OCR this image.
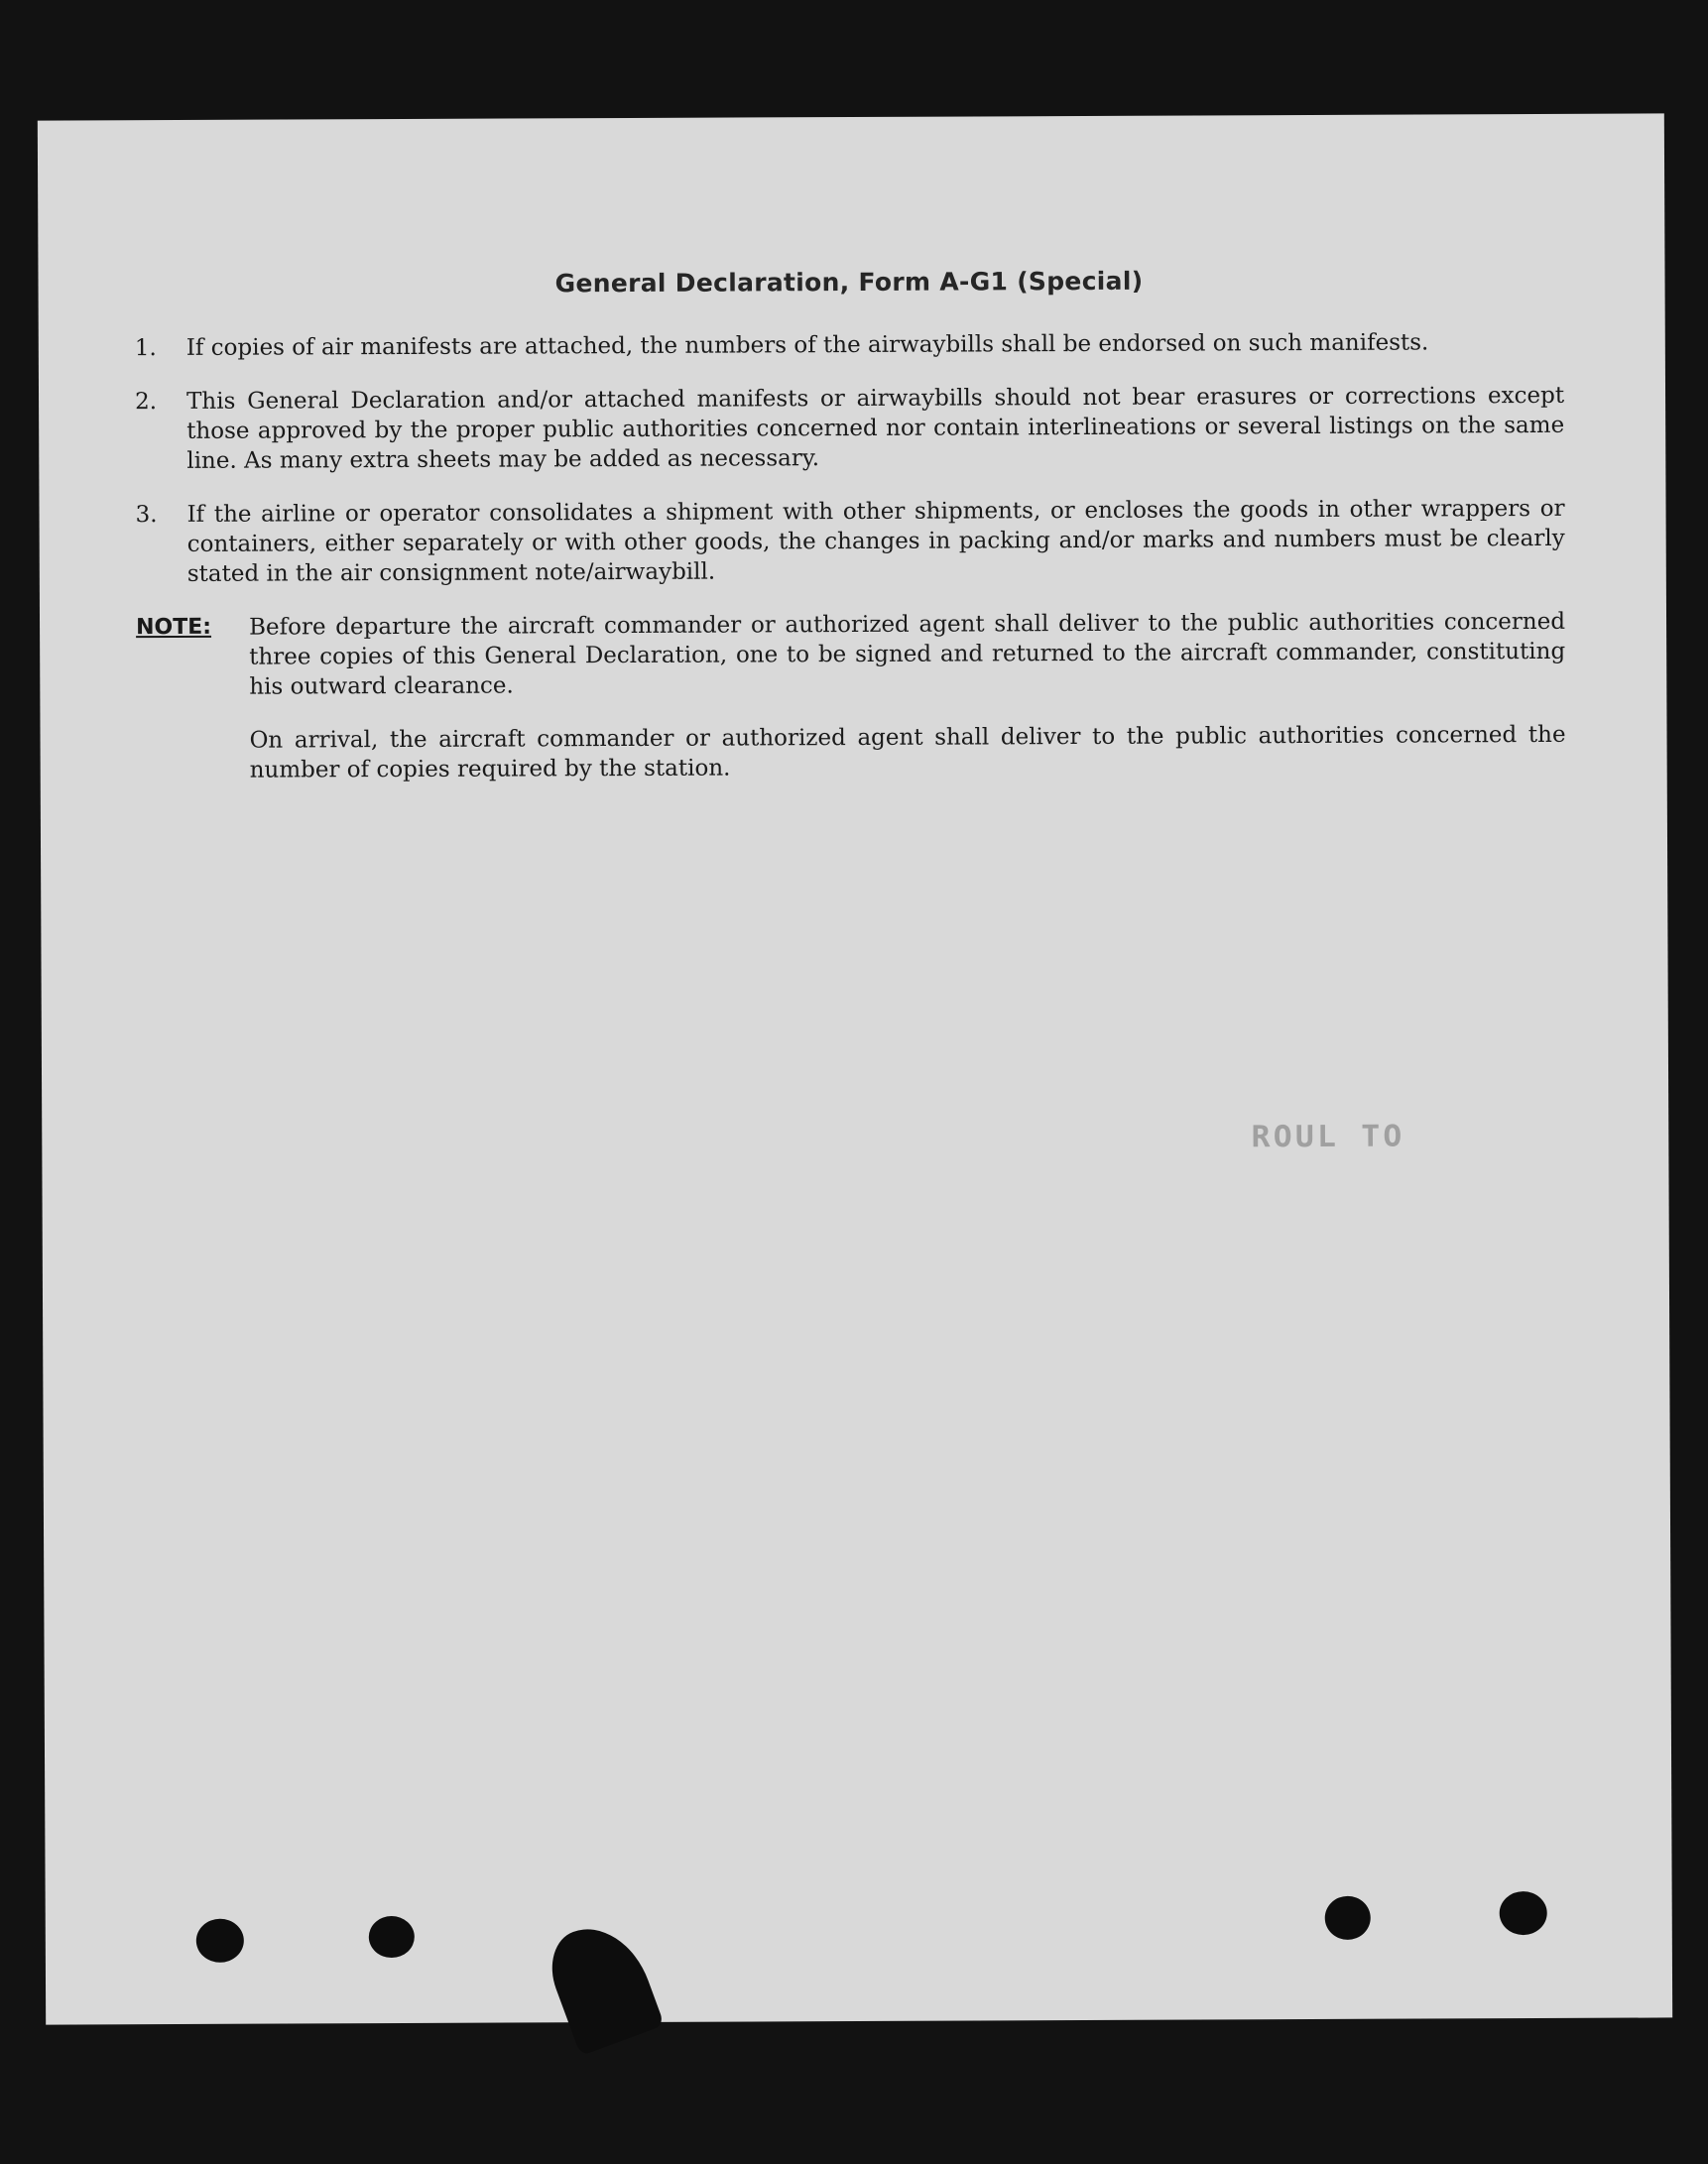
General Declaration, Form A-G1 (Special)
1.	If copies of air manifests are attached, the numbers of the airwaybills shall be endorsed on such manifests.
2.	This General Declaration and/or attached manifests or airwaybills should not bear erasures or corrections except those approved by the proper public authorities concerned nor contain interlineations or several listings on the same line. As many extra sheets may be added as necessary.
3.	If the airline or operator consolidates a shipment with other shipments, or encloses the goods in other wrappers or containers, either separately or with other goods, the changes in packing and/or marks and numbers must be clearly stated in the air consignment note/airwaybill.
NOTE:	Before departure the aircraft commander or authorized agent shall deliver to the public authorities concerned three copies of this General Declaration, one to be signed and returned to the aircraft commander, constituting his outward clearance.
On arrival, the aircraft commander or authorized agent shall deliver to the public authorities concerned the number of copies required by the station.
ROUL TO
